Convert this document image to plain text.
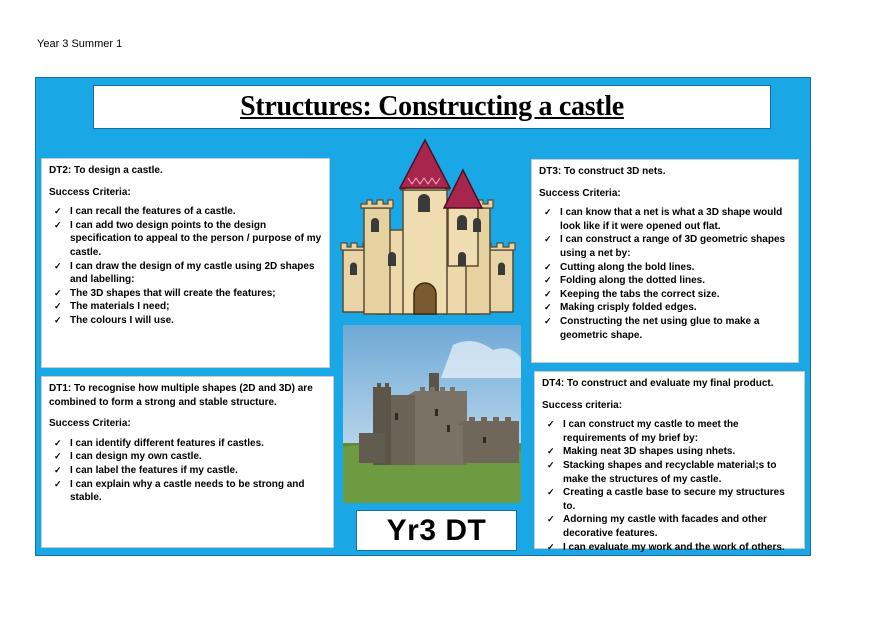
Year 3 Summer 1
Structures: Constructing a castle

DT2: To design a castle.

Success Criteria:

✓ I can recall the features of a castle.
✓ I can add two design points to the design specification to appeal to the person / purpose of my castle.
✓ I can draw the design of my castle using 2D shapes and labelling:
✓ The 3D shapes that will create the features;
✓ The materials I need;
✓ The colours I will use.

DT3: To construct 3D nets.

Success Criteria:

✓ I can know that a net is what a 3D shape would look like if it were opened out flat.
✓ I can construct a range of 3D geometric shapes using a net by:
✓ Cutting along the bold lines.
✓ Folding along the dotted lines.
✓ Keeping the tabs the correct size.
✓ Making crisply folded edges.
✓ Constructing the net using glue to make a geometric shape.

DT1: To recognise how multiple shapes (2D and 3D) are combined to form a strong and stable structure.

Success Criteria:

✓ I can identify different features if castles.
✓ I can design my own castle.
✓ I can label the features if my castle.
✓ I can explain why a castle needs to be strong and stable.
Yr3 DT

DT4: To construct and evaluate my final product.

Success criteria:

✓ I can construct my castle to meet the requirements of my brief by:
✓ Making neat 3D shapes using nhets.
✓ Stacking shapes and recyclable material;s to make the structures of my castle.
✓ Creating a castle base to secure my structures to.
✓ Adorning my castle with facades and other decorative features.
✓ I can evaluate my work and the work of others.
